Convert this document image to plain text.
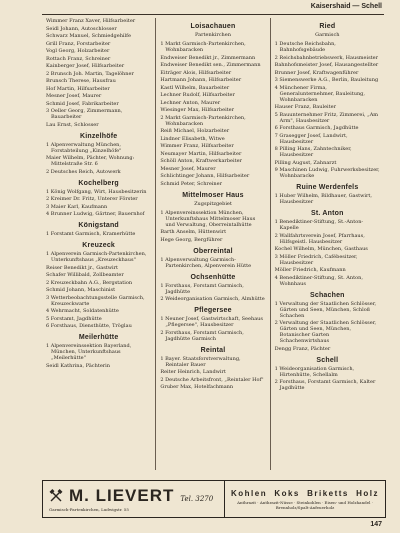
Kaisershaid — Schell
Wimmer Franz Xaver, Hilfsarbeiter
Seidl Johann, Autoschlosser
Schwarz Manuel, Schmiedgehilfe
Grill Franz, Forstarbeiter
Vogl Georg, Holzarbeiter
Rottach Franz, Schreiner
Kainberger Josef, Hilfsarbeiter
2 Brunsch Joh. Martin, Tagelöhner
Brunsch Therese, Hausfrau
Hof Martin, Hilfsarbeiter
Mesner Josef, Maurer
Schmid Josef, Fabrikarbeiter
3 Oeller Georg, Zimmermann, Bauarbeiter
Lau Ernst, Schlosser
Kinzelhöfe
1 Alpenverwaltung München, Forstabteilung „Kinzelhöfe"
Maier Wilhelm, Pächter, Wohnung: Mittelstraße Str. 6
2 Deutsches Reich, Autowerk
Kochelberg
1 König Wolfgang, Wirt, Hausbesitzerin
2 Kreimer Dr. Fritz, Unterer Förster
3 Maier Karl, Kaufmann
4 Brunner Ludwig, Gärtner, Bauernhof
Königstand
1 Forstamt Garmisch, Kramerhütte
Kreuzeck
1 Alpenverein Garmisch-Partenkirchen, Unterkunftshaus „Kreuzeckhaus"
Reiser Benedikt jr., Gastwirt
Schafer Willibald, Zollbeamter
2 Kreuzeckbahn A.G., Bergstation
Schmid Johann, Maschinist
3 Wetterbeobachtungsstelle Garmisch, Kreuzeckwarte
4 Wehrmacht, Soldatenhütte
5 Forstamt, Jagdhütte
6 Forsthaus, Diensthütte, Tröglau
Meilerhütte
1 Alpenvereinssektion Bayerland, München, Unterkunftshaus „Meilerhütte"
Seidl Kathrina, Pächterin
Loisachauen
Partenkirchen
1 Markt Garmisch-Partenkirchen, Wohnbaracken
Endweiser Benedikt jr., Zimmermann
Endweiser Benedikt sen., Zimmermann
Eiträger Alois, Hilfsarbeiter
Hartmann Johann, Hilfsarbeiter
Kastl Wilhelm, Bauarbeiter
Lechner Rudolf, Hilfsarbeiter
Lechner Anton, Maurer
Wiesinger Max, Hilfsarbeiter
2 Markt Garmisch-Partenkirchen, Wohnbaracken
Reiß Michael, Holzarbeiter
Lindner Elisabeth, Witwe
Wimmer Franz, Hilfsarbeiter
Neumayer Martin, Hilfsarbeiter
Schöll Anton, Kraftwerkarbeiter
Mesner Josef, Maurer
Schlichtinger Johann, Hilfsarbeiter
Schmid Peter, Schreiner
Mittelmoser Haus
Zugspitzgebiet
1 Alpenvereinssektion München, Unterkunftshaus Mittelmoser Haus und Verwaltung, Oberreintalhütte
Barth Anselm, Hüttenwirt
Hege Georg, Bergführer
Oberreintal
1 Alpenverwaltung Garmisch-Partenkirchen, Alpenverein Hütte
Ochsenhütte
1 Forsthaus, Forstamt Garmisch, Jagdhütte
2 Weideorganisation Garmisch, Almhütte
Pflegersee
1 Neuner Josef, Gastwirtschaft, Seehaus „Pflegersee", Hausbesitzer
2 Forsthaus, Forstamt Garmisch, Jagdhütte Garmisch
Reintal
1 Bayer. Staatsforstverwaltung, Reintaler Bauer
Reiter Heinrich, Landwirt
2 Deutsche Arbeitsfront, „Reintaler Hof"
Gruber Max, Hotelfachmann
Ried
Garmisch
1 Deutsche Reichsbahn, Bahnhofsgebäude
2 Reichsbahnbetriebswerk, Hausmeister
Bahnhofsmeister Josef, Hausangestellter
Brunner Josef, Kraftwagenführer
3 Siemenswerke A.G., Berlin, Bauleitung
4 Münchener Firma, Generalunternehmer, Bauleitung, Wohnbaracken
Hauser Franz, Bauleiter
5 Bauunternehmer Fritz, Zimmerei, „Am Arm", Hausbesitzer
6 Forsthaus Garmisch, Jagdhütte
7 Grasegger Josef, Landwirt, Hausbesitzer
8 Pilling Hans, Zahntechniker, Hausbesitzer
Pilling August, Zahnarzt
9 Maschinen Ludwig, Fuhrwerksbesitzer, Wohnbaracke
Ruine Werdenfels
1 Huber Wilhelm, Bildhauer, Gastwirt, Hausbesitzer
St. Anton
1 Benediktiner-Stiftung, St.-Anton-Kapelle
2 Wallfahrtsverein Josef, Pfarrhaus, Hilfsgeistl. Hausbesitzer
Kochel Wilhelm, München, Gasthaus
3 Möller Friedrich, Cafébesitzer, Hausbesitzer
Möller Friedrich, Kaufmann
4 Benediktiner-Stiftung, St. Anton, Wohnhaus
Schachen
1 Verwaltung der Staatlichen Schlösser, Gärten und Seen, München, Schloß Schachen
2 Verwaltung der Staatlichen Schlösser, Gärten und Seen, München, Botanischer Garten Schachenwirtshaus
Dengg Franz, Pächter
Schell
1 Weideorganisation Garmisch, Hirtenhütte, Schellalm
2 Forsthaus, Forstamt Garmisch, Kalter Jagdhütte
M. LIEVERT Tel. 3270
Garmisch-Partenkirchen, Ludwigstr. 55
Kohlen Koks Briketts Holz
Anthrazit · Anthrazit-Nüsse · Steinkohlen · Eisen- und Holzhandel · Brennholz/Spalt-Anfeuerholz
147
